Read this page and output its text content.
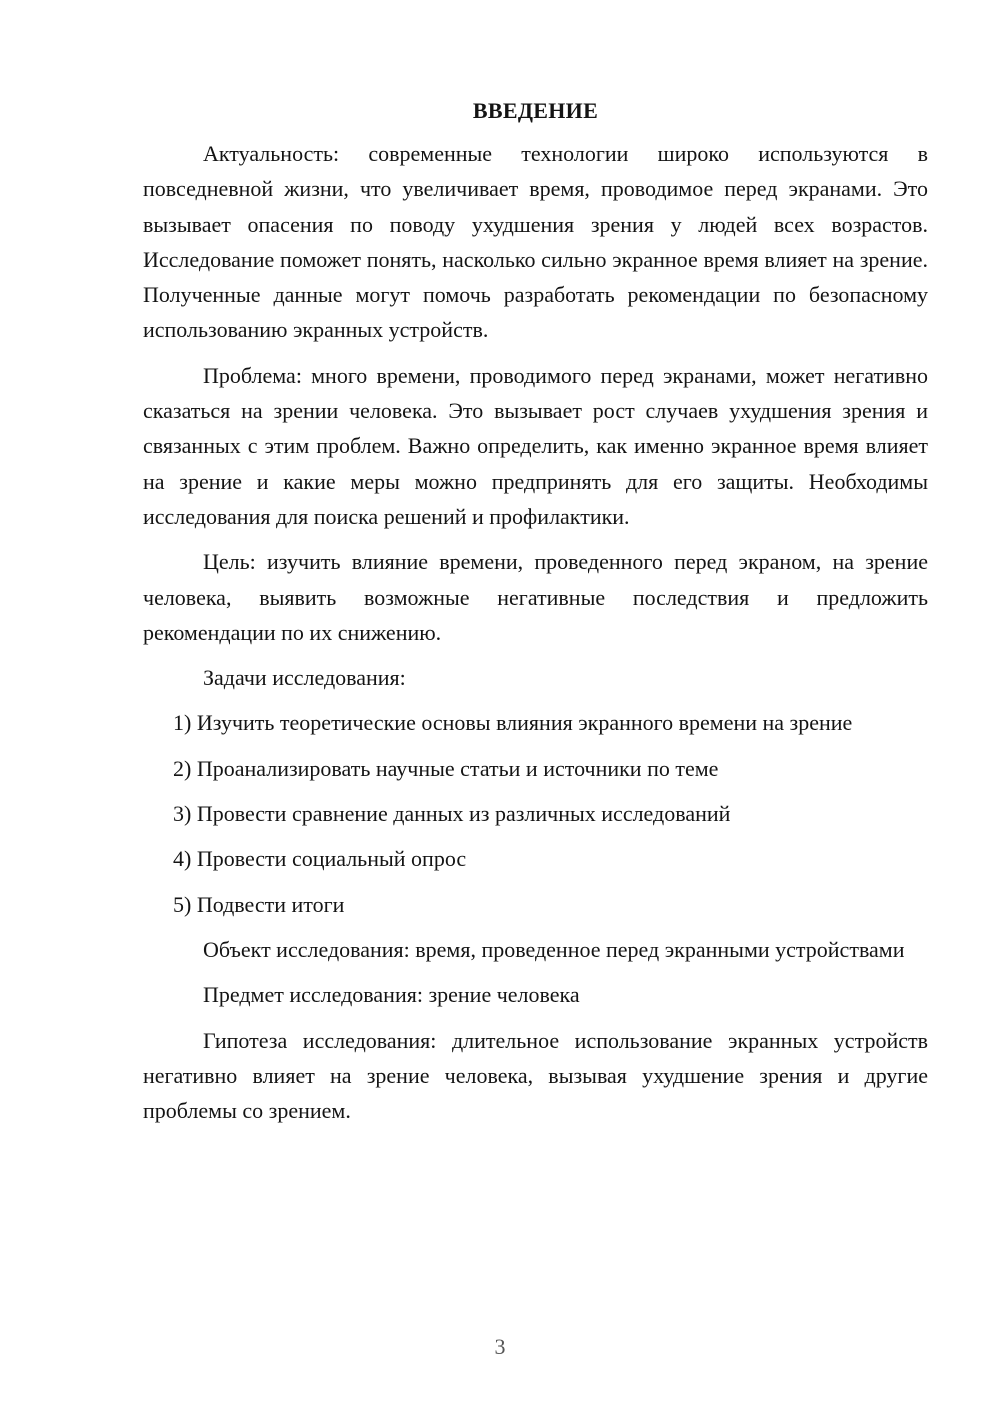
ВВЕДЕНИЕ

Актуальность: современные технологии широко используются в повседневной жизни, что увеличивает время, проводимое перед экранами. Это вызывает опасения по поводу ухудшения зрения у людей всех возрастов. Исследование поможет понять, насколько сильно экранное время влияет на зрение. Полученные данные могут помочь разработать рекомендации по безопасному использованию экранных устройств.

Проблема: много времени, проводимого перед экранами, может негативно сказаться на зрении человека. Это вызывает рост случаев ухудшения зрения и связанных с этим проблем. Важно определить, как именно экранное время влияет на зрение и какие меры можно предпринять для его защиты. Необходимы исследования для поиска решений и профилактики.

Цель: изучить влияние времени, проведенного перед экраном, на зрение человека, выявить возможные негативные последствия и предложить рекомендации по их снижению.

Задачи исследования:

1) Изучить теоретические основы влияния экранного времени на зрение

2) Проанализировать научные статьи и источники по теме

3) Провести сравнение данных из различных исследований

4) Провести социальный опрос

5) Подвести итоги

Объект исследования: время, проведенное перед экранными устройствами

Предмет исследования: зрение человека

Гипотеза исследования: длительное использование экранных устройств негативно влияет на зрение человека, вызывая ухудшение зрения и другие проблемы со зрением.

3
